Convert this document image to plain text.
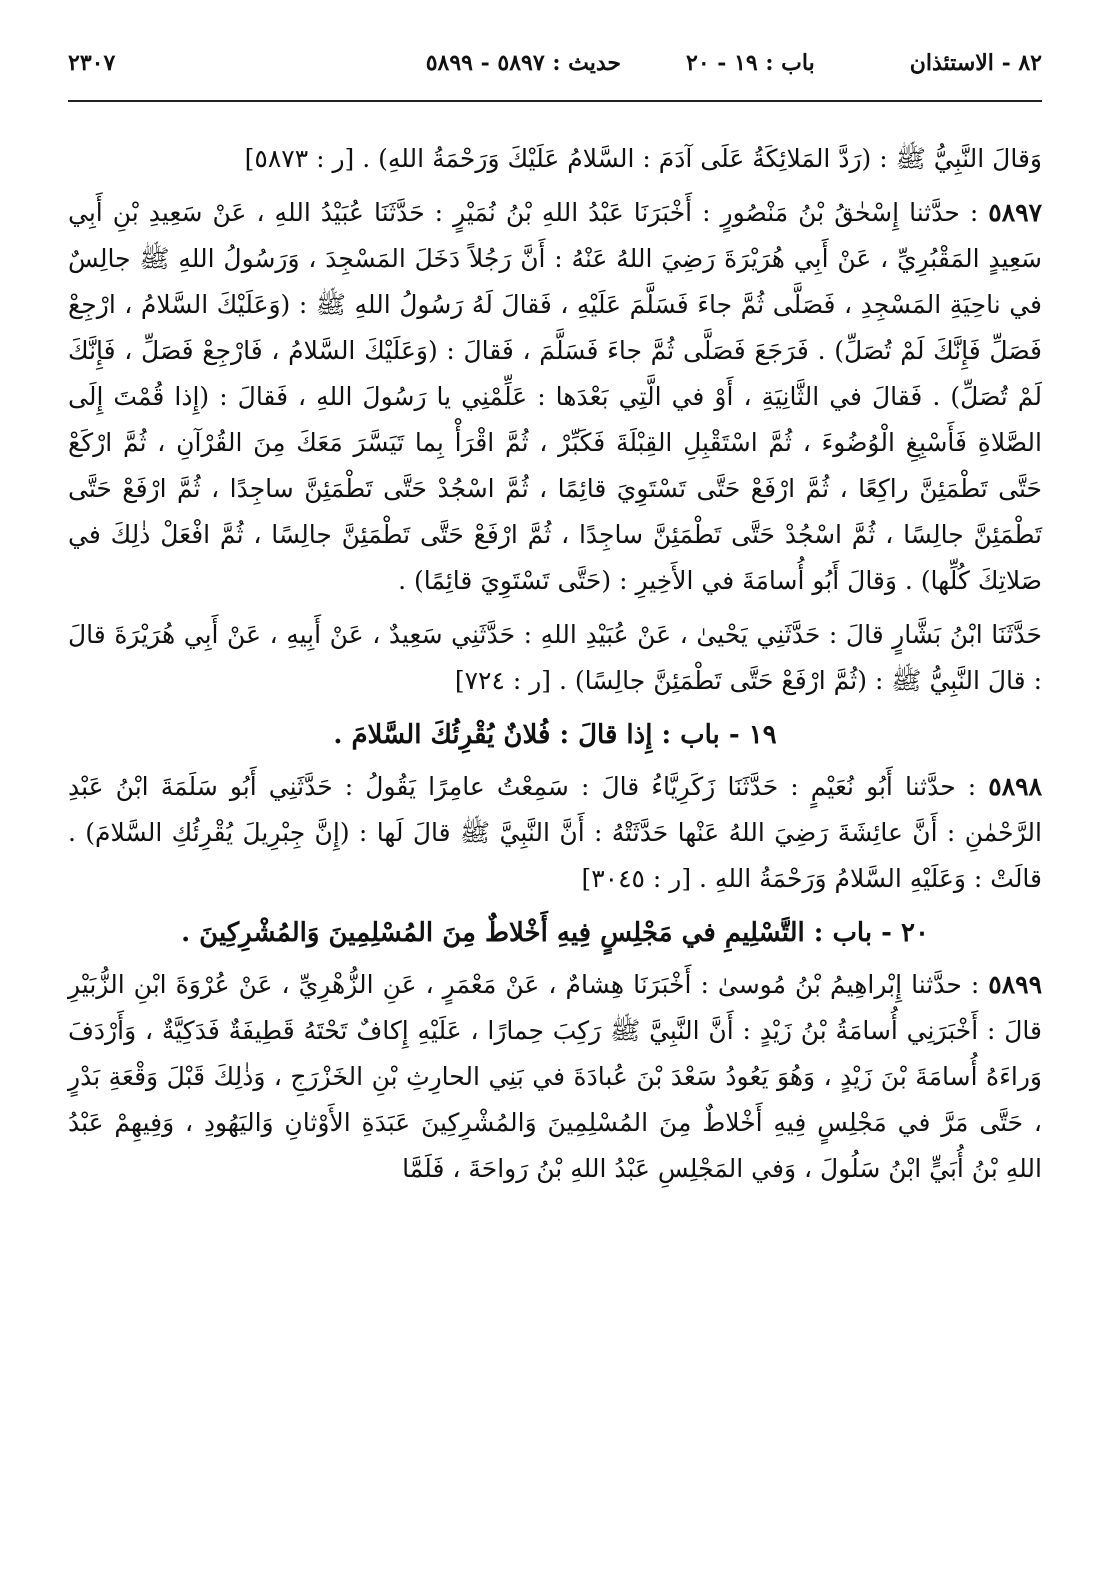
٨٢ - الاستئذان
باب : ١٩ - ٢٠
حديث : ٥٨٩٧ - ٥٨٩٩
٢٣٠٧

وَقالَ النَّبِيُّ ﷺ : (رَدَّ المَلائِكَةُ عَلَى آدَمَ : السَّلامُ عَلَيْكَ وَرَحْمَةُ اللهِ) . [ر : ٥٨٧٣]

٥٨٩٧ : حدَّثنا إِسْحٰقُ بْنُ مَنْصُورٍ : أَخْبَرَنَا عَبْدُ اللهِ بْنُ نُمَيْرٍ : حَدَّثَنَا عُبَيْدُ اللهِ ، عَنْ سَعِيدِ بْنِ أَبِي سَعِيدٍ المَقْبُرِيِّ ، عَنْ أَبِي هُرَيْرَةَ رَضِيَ اللهُ عَنْهُ : أَنَّ رَجُلاً دَخَلَ المَسْجِدَ ، وَرَسُولُ اللهِ ﷺ جالِسٌ في ناحِيَةِ المَسْجِدِ ، فَصَلَّى ثُمَّ جاءَ فَسَلَّمَ عَلَيْهِ ، فَقالَ لَهُ رَسُولُ اللهِ ﷺ : (وَعَلَيْكَ السَّلامُ ، ارْجِعْ فَصَلِّ فَإِنَّكَ لَمْ تُصَلِّ) . فَرَجَعَ فَصَلَّى ثُمَّ جاءَ فَسَلَّمَ ، فَقالَ : (وَعَلَيْكَ السَّلامُ ، فَارْجِعْ فَصَلِّ ، فَإِنَّكَ لَمْ تُصَلِّ) . فَقالَ في الثَّانِيَةِ ، أَوْ في الَّتِي بَعْدَها : عَلِّمْنِي يا رَسُولَ اللهِ ، فَقالَ : (إِذا قُمْتَ إِلَى الصَّلاةِ فَأَسْبِغِ الْوُضُوءَ ، ثُمَّ اسْتَقْبِلِ القِبْلَةَ فَكَبِّرْ ، ثُمَّ اقْرَأْ بِما تَيَسَّرَ مَعَكَ مِنَ القُرْآنِ ، ثُمَّ ارْكَعْ حَتَّى تَطْمَئِنَّ راكِعًا ، ثُمَّ ارْفَعْ حَتَّى تَسْتَوِيَ قائِمًا ، ثُمَّ اسْجُدْ حَتَّى تَطْمَئِنَّ ساجِدًا ، ثُمَّ ارْفَعْ حَتَّى تَطْمَئِنَّ جالِسًا ، ثُمَّ اسْجُدْ حَتَّى تَطْمَئِنَّ ساجِدًا ، ثُمَّ ارْفَعْ حَتَّى تَطْمَئِنَّ جالِسًا ، ثُمَّ افْعَلْ ذٰلِكَ في صَلاتِكَ كُلِّها) . وَقالَ أَبُو أُسامَةَ في الأَخِيرِ : (حَتَّى تَسْتَوِيَ قائِمًا) .

حَدَّثَنَا ابْنُ بَشَّارٍ قالَ : حَدَّثَنِي يَحْيىٰ ، عَنْ عُبَيْدِ اللهِ : حَدَّثَنِي سَعِيدٌ ، عَنْ أَبِيهِ ، عَنْ أَبِي هُرَيْرَةَ قالَ : قالَ النَّبِيُّ ﷺ : (ثُمَّ ارْفَعْ حَتَّى تَطْمَئِنَّ جالِسًا) . [ر : ٧٢٤]

١٩ - باب : إِذا قالَ : فُلانٌ يُقْرِئُكَ السَّلامَ .

٥٨٩٨ : حدَّثنا أَبُو نُعَيْمٍ : حَدَّثَنَا زَكَرِيَّاءُ قالَ : سَمِعْتُ عامِرًا يَقُولُ : حَدَّثَنِي أَبُو سَلَمَةَ ابْنُ عَبْدِ الرَّحْمٰنِ : أَنَّ عائِشَةَ رَضِيَ اللهُ عَنْها حَدَّثَتْهُ : أَنَّ النَّبِيَّ ﷺ قالَ لَها : (إِنَّ جِبْرِيلَ يُقْرِئُكِ السَّلامَ) . قالَتْ : وَعَلَيْهِ السَّلامُ وَرَحْمَةُ اللهِ . [ر : ٣٠٤٥]

٢٠ - باب : التَّسْلِيمِ في مَجْلِسٍ فِيهِ أَخْلاطٌ مِنَ المُسْلِمِينَ وَالمُشْرِكِينَ .

٥٨٩٩ : حدَّثنا إِبْراهِيمُ بْنُ مُوسىٰ : أَخْبَرَنَا هِشامٌ ، عَنْ مَعْمَرٍ ، عَنِ الزُّهْرِيِّ ، عَنْ عُرْوَةَ ابْنِ الزُّبَيْرِ قالَ : أَخْبَرَنِي أُسامَةُ بْنُ زَيْدٍ : أَنَّ النَّبِيَّ ﷺ رَكِبَ حِمارًا ، عَلَيْهِ إِكافٌ تَحْتَهُ قَطِيفَةٌ فَدَكِيَّةٌ ، وَأَرْدَفَ وَراءَهُ أُسامَةَ بْنَ زَيْدٍ ، وَهُوَ يَعُودُ سَعْدَ بْنَ عُبادَةَ في بَنِي الحارِثِ بْنِ الخَزْرَجِ ، وَذٰلِكَ قَبْلَ وَقْعَةِ بَدْرٍ ، حَتَّى مَرَّ في مَجْلِسٍ فِيهِ أَخْلاطٌ مِنَ المُسْلِمِينَ وَالمُشْرِكِينَ عَبَدَةِ الأَوْثانِ وَاليَهُودِ ، وَفِيهِمْ عَبْدُ اللهِ بْنُ أُبَيٍّ ابْنُ سَلُولَ ، وَفي المَجْلِسِ عَبْدُ اللهِ بْنُ رَواحَةَ ، فَلَمَّا
